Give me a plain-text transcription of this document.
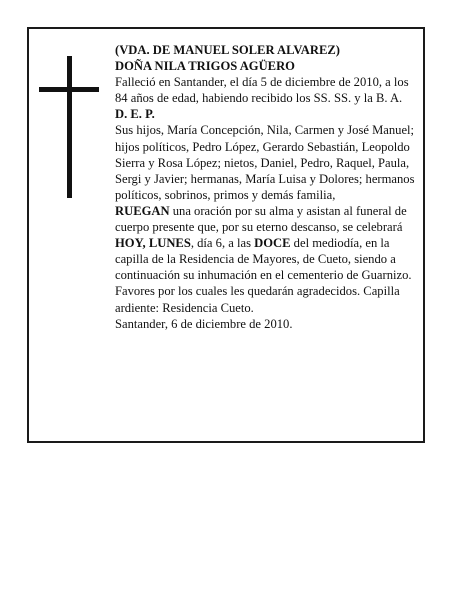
(VDA. DE MANUEL SOLER ALVAREZ)

DOÑA NILA TRIGOS AGÜERO

Falleció en Santander, el día 5 de diciembre de 2010, a los 84 años de edad, habiendo recibido los SS. SS. y la B. A.

D. E. P.

Sus hijos, María Concepción, Nila, Carmen y José Manuel; hijos políticos, Pedro López, Gerardo Sebastián, Leopoldo Sierra y Rosa López; nietos, Daniel, Pedro, Raquel, Paula, Sergi y Javier; hermanas, María Luisa y Dolores; hermanos políticos, sobrinos, primos y demás familia,

RUEGAN una oración por su alma y asistan al funeral de cuerpo presente que, por su eterno descanso, se celebrará HOY, LUNES, día 6, a las DOCE del mediodía, en la capilla de la Residencia de Mayores, de Cueto, siendo a continuación su inhumación en el cementerio de Guarnizo. Favores por los cuales les quedarán agradecidos. Capilla ardiente: Residencia Cueto.

Santander, 6 de diciembre de 2010.
